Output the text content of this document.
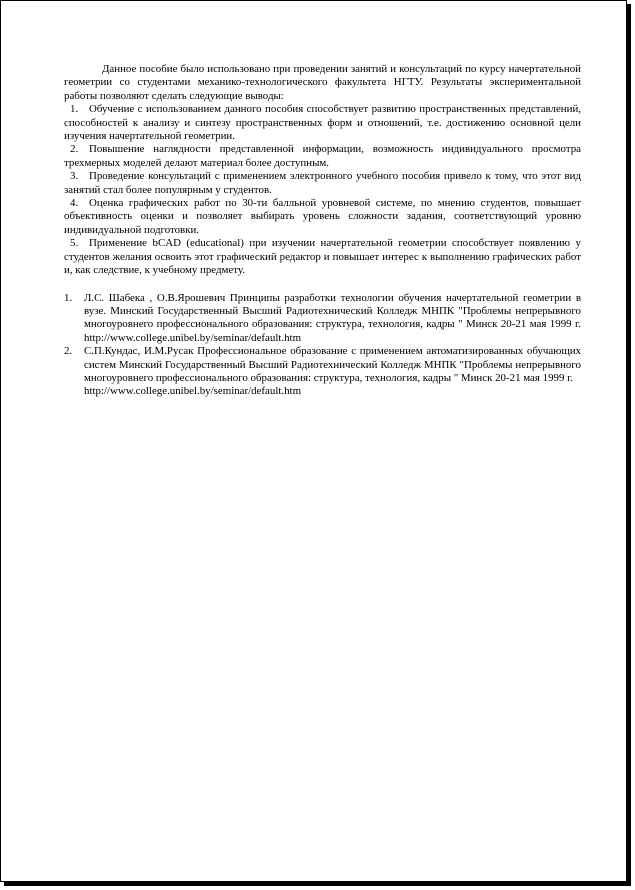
Данное пособие было использовано при проведении занятий и консультаций по курсу начертательной геометрии со студентами механико-технологического факультета НГТУ. Результаты экспериментальной работы позволяют сделать следующие выводы:

1. Обучение с использованием данного пособия способствует развитию пространственных представлений, способностей к анализу и синтезу пространственных форм и отношений, т.е. достижению основной цели изучения начертательной геометрии.

2. Повышение наглядности представленной информации, возможность индивидуального просмотра трехмерных моделей делают материал более доступным.

3. Проведение консультаций с применением электронного учебного пособия привело к тому, что этот вид занятий стал более популярным у студентов.

4. Оценка графических работ по 30-ти балльной уровневой системе, по мнению студентов, повышает объективность оценки и позволяет выбирать уровень сложности задания, соответствующий уровню индивидуальной подготовки.

5. Применение bCAD (educational) при изучении начертательной геометрии способствует появлению у студентов желания освоить этот графический редактор и повышает интерес к выполнению графических работ и, как следствие, к учебному предмету.

1.	Л.С. Шабека , О.В.Ярошевич Принципы разработки технологии обучения начертательной геометрии в вузе. Минский Государственный Высший Радиотехнический Колледж МНПК "Проблемы непрерывного многоуровнего профессионального образования: структура, технология, кадры " Минск 20-21 мая 1999 г. http://www.college.unibel.by/seminar/default.htm
2.	С.П.Кундас, И.М.Русак Профессиональное образование с применением автоматизированных обучающих систем Минский Государственный Высший Радиотехнический Колледж МНПК "Проблемы непрерывного многоуровнего профессионального образования: структура, технология, кадры " Минск 20-21 мая 1999 г.
http://www.college.unibel.by/seminar/default.htm
